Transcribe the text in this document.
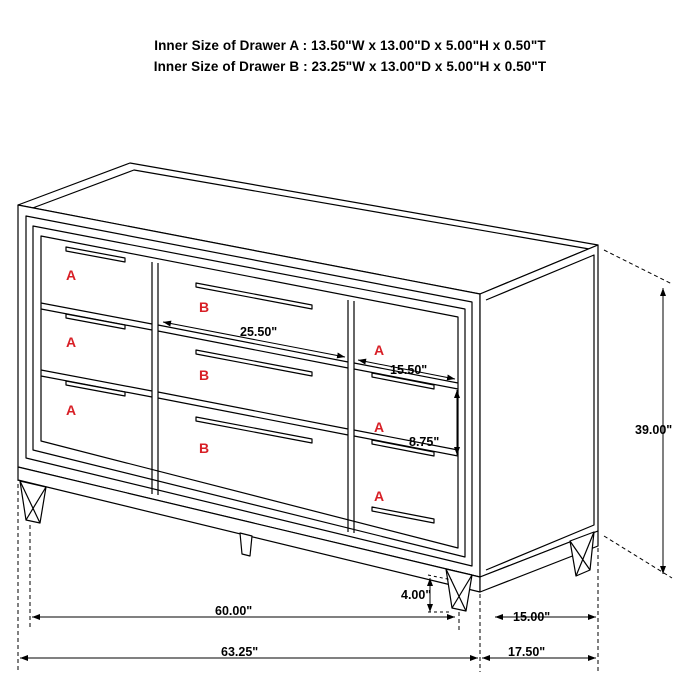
Inner Size of Drawer A : 13.50"W x 13.00"D x 5.00"H x 0.50"T
Inner Size of Drawer B : 23.25"W x 13.00"D x 5.00"H x 0.50"T
A
A
A
B
B
B
A
A
A
25.50"
15.50"
8.75"
4.00"
60.00"	15.00"
63.25"	17.50"
39.00"
